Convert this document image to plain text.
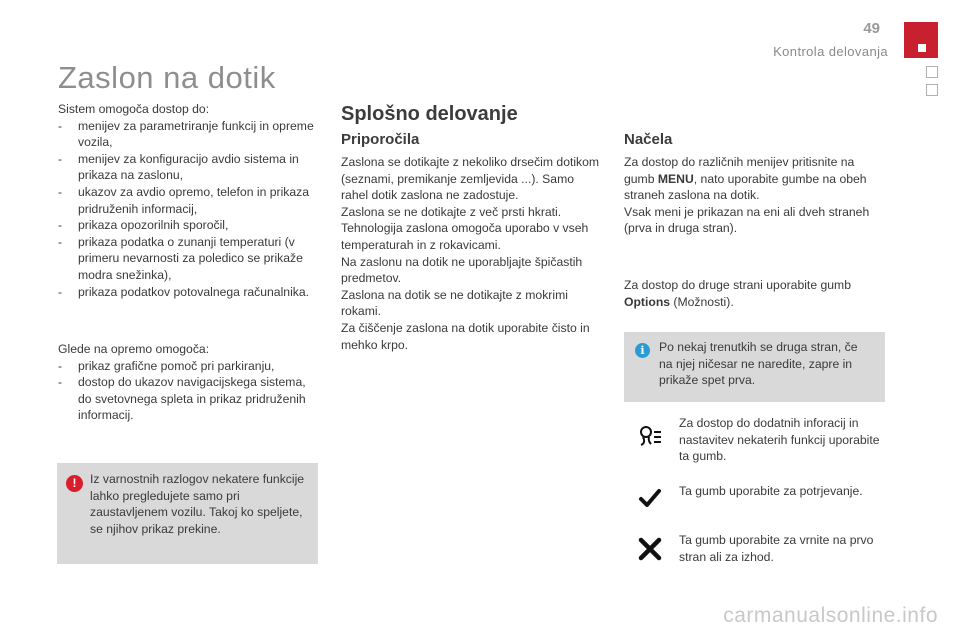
49
Kontrola delovanja
Zaslon na dotik

Sistem omogoča dostop do:

- menijev za parametriranje funkcij in opreme vozila,
- menijev za konfiguracijo avdio sistema in prikaza na zaslonu,
- ukazov za avdio opremo, telefon in prikaza pridruženih informacij,
- prikaza opozorilnih sporočil,
- prikaza podatka o zunanji temperaturi (v primeru nevarnosti za poledico se prikaže modra snežinka),
- prikaza podatkov potovalnega računalnika.

Glede na opremo omogoča:

- prikaz grafične pomoč pri parkiranju,
- dostop do ukazov navigacijskega sistema, do svetovnega spleta in prikaz pridruženih informacij.
!	Iz varnostnih razlogov nekatere funkcije lahko pregledujete samo pri zaustavljenem vozilu. Takoj ko speljete, se njihov prikaz prekine.
Splošno delovanje
Priporočila

Zaslona se dotikajte z nekoliko drsečim dotikom (seznami, premikanje zemljevida ...). Samo rahel dotik zaslona ne zadostuje.

Zaslona se ne dotikajte z več prsti hkrati.

Tehnologija zaslona omogoča uporabo v vseh temperaturah in z rokavicami.

Na zaslonu na dotik ne uporabljajte špičastih predmetov.

Zaslona na dotik se ne dotikajte z mokrimi rokami.

Za čiščenje zaslona na dotik uporabite čisto in mehko krpo.

Načela

Za dostop do različnih menijev pritisnite na gumb MENU, nato uporabite gumbe na obeh straneh zaslona na dotik.

Vsak meni je prikazan na eni ali dveh straneh (prva in druga stran).

Za dostop do druge strani uporabite gumb Options (Možnosti).

i	Po nekaj trenutkih se druga stran, če na njej ničesar ne naredite, zapre in prikaže spet prva.
Za dostop do dodatnih inforacij in nastavitev nekaterih funkcij uporabite ta gumb.
Ta gumb uporabite za potrjevanje.
Ta gumb uporabite za vrnite na prvo stran ali za izhod.
carmanualsonline.info
